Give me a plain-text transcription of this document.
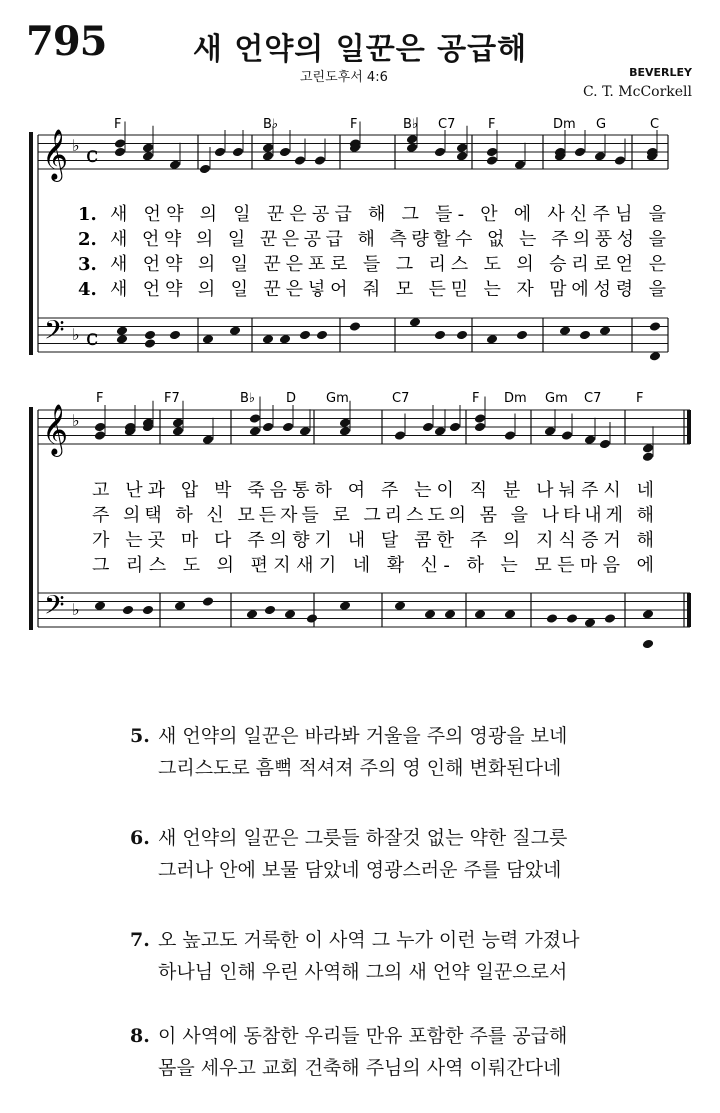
795	새 언약의 일꾼은 공급해
고린도후서 4:6	BEVERLEY
C. T. McCorkell
𝄞
𝄢
♭
♭
c
c
𝄞
𝄢
♭
♭
F	B♭	F	B♭ C7	F	Dm G	C
1. 새 언약 의 일 꾼은공급 해 그 들- 안 에 사신주님 을
2. 새 언약 의 일 꾼은공급 해 측량할수 없 는 주의풍성 을
3. 새 언약 의 일 꾼은포로 들 그 리스 도 의 승리로얻 은
4. 새 언약 의 일 꾼은넣어 줘 모 든믿 는 자 맘에성령 을
F	F7	B♭ D Gm	C7	F Dm Gm C7	F
고 난과 압 박 죽음통하 여 주 는이 직 분 나눠주시 네
주 의택 하 신 모든자들 로 그리스도의 몸 을 나타내게 해
가 는곳 마 다 주의향기 내 달 콤한 주 의 지식증거 해
그 리스 도 의 편지새기 네 확 신- 하 는 모든마음 에
5. 새 언약의 일꾼은 바라봐 거울을 주의 영광을 보네
그리스도로 흠뻑 적셔져 주의 영 인해 변화된다네
6. 새 언약의 일꾼은 그릇들 하잘것 없는 약한 질그릇
그러나 안에 보물 담았네 영광스러운 주를 담았네
7. 오 높고도 거룩한 이 사역 그 누가 이런 능력 가졌나
하나님 인해 우린 사역해 그의 새 언약 일꾼으로서
8. 이 사역에 동참한 우리들 만유 포함한 주를 공급해
몸을 세우고 교회 건축해 주님의 사역 이뤄간다네
